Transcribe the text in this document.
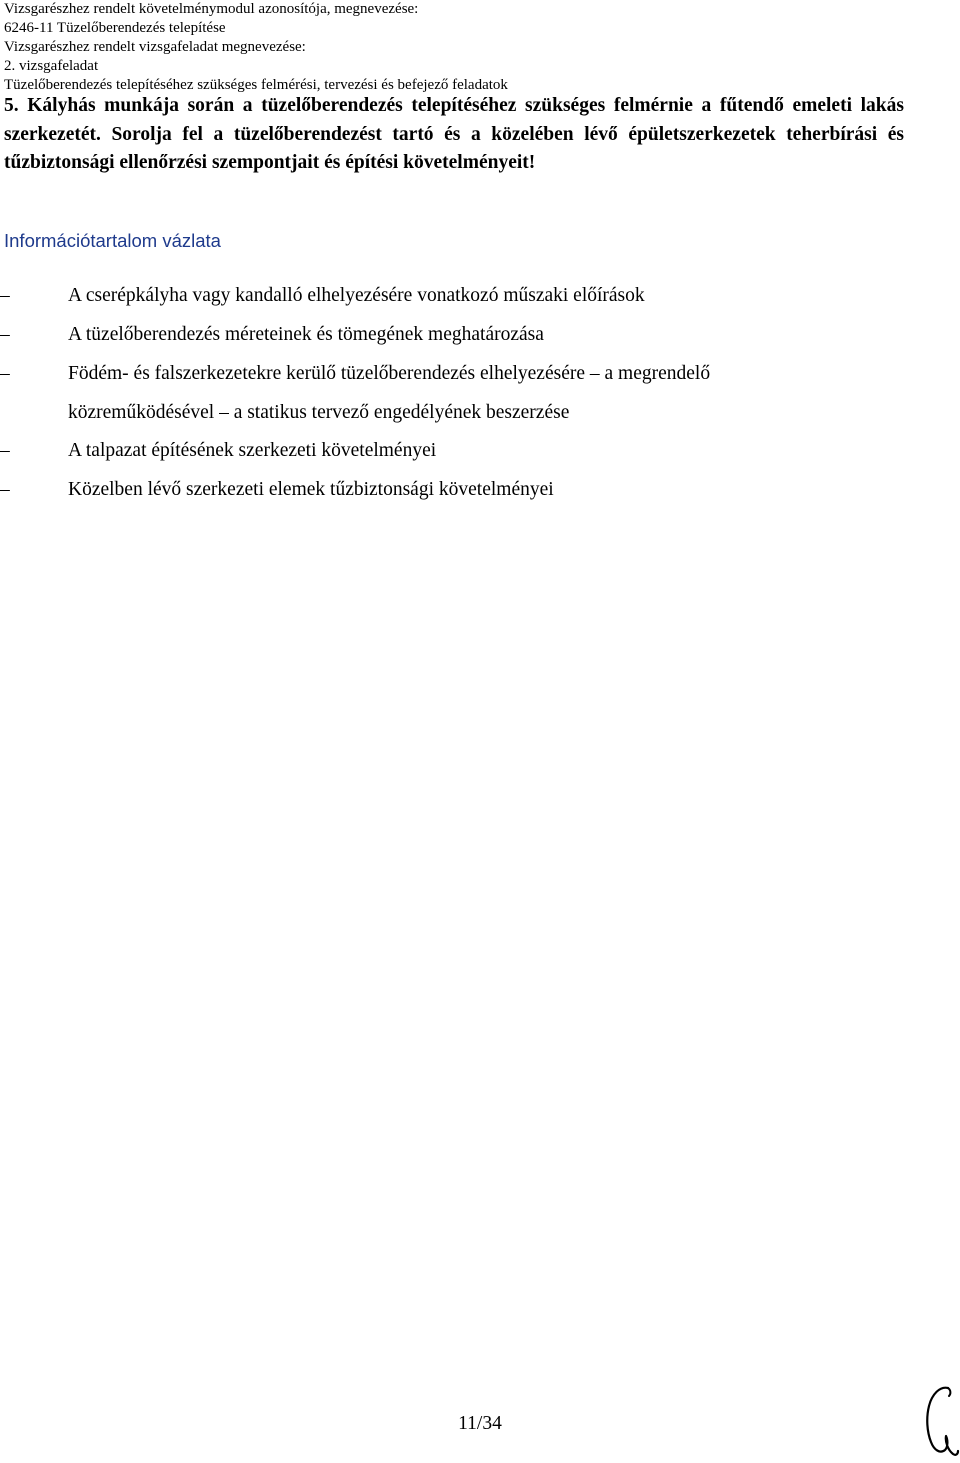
Vizsgarészhez rendelt követelménymodul azonosítója, megnevezése:
6246-11 Tüzelőberendezés telepítése
Vizsgarészhez rendelt vizsgafeladat megnevezése:
2. vizsgafeladat
Tüzelőberendezés telepítéséhez szükséges felmérési, tervezési és befejező feladatok
5. Kályhás munkája során a tüzelőberendezés telepítéséhez szükséges felmérnie a fűtendő emeleti lakás szerkezetét. Sorolja fel a tüzelőberendezést tartó és a közelében lévő épületszerkezetek teherbírási és tűzbiztonsági ellenőrzési szempontjait és építési követelményeit!
Információtartalom vázlata
–	A cserépkályha vagy kandalló elhelyezésére vonatkozó műszaki előírások
–	A tüzelőberendezés méreteinek és tömegének meghatározása
–	Födém- és falszerkezetekre kerülő tüzelőberendezés elhelyezésére – a megrendelő közreműködésével – a statikus tervező engedélyének beszerzése
–	A talpazat építésének szerkezeti követelményei
–	Közelben lévő szerkezeti elemek tűzbiztonsági követelményei
11/34
